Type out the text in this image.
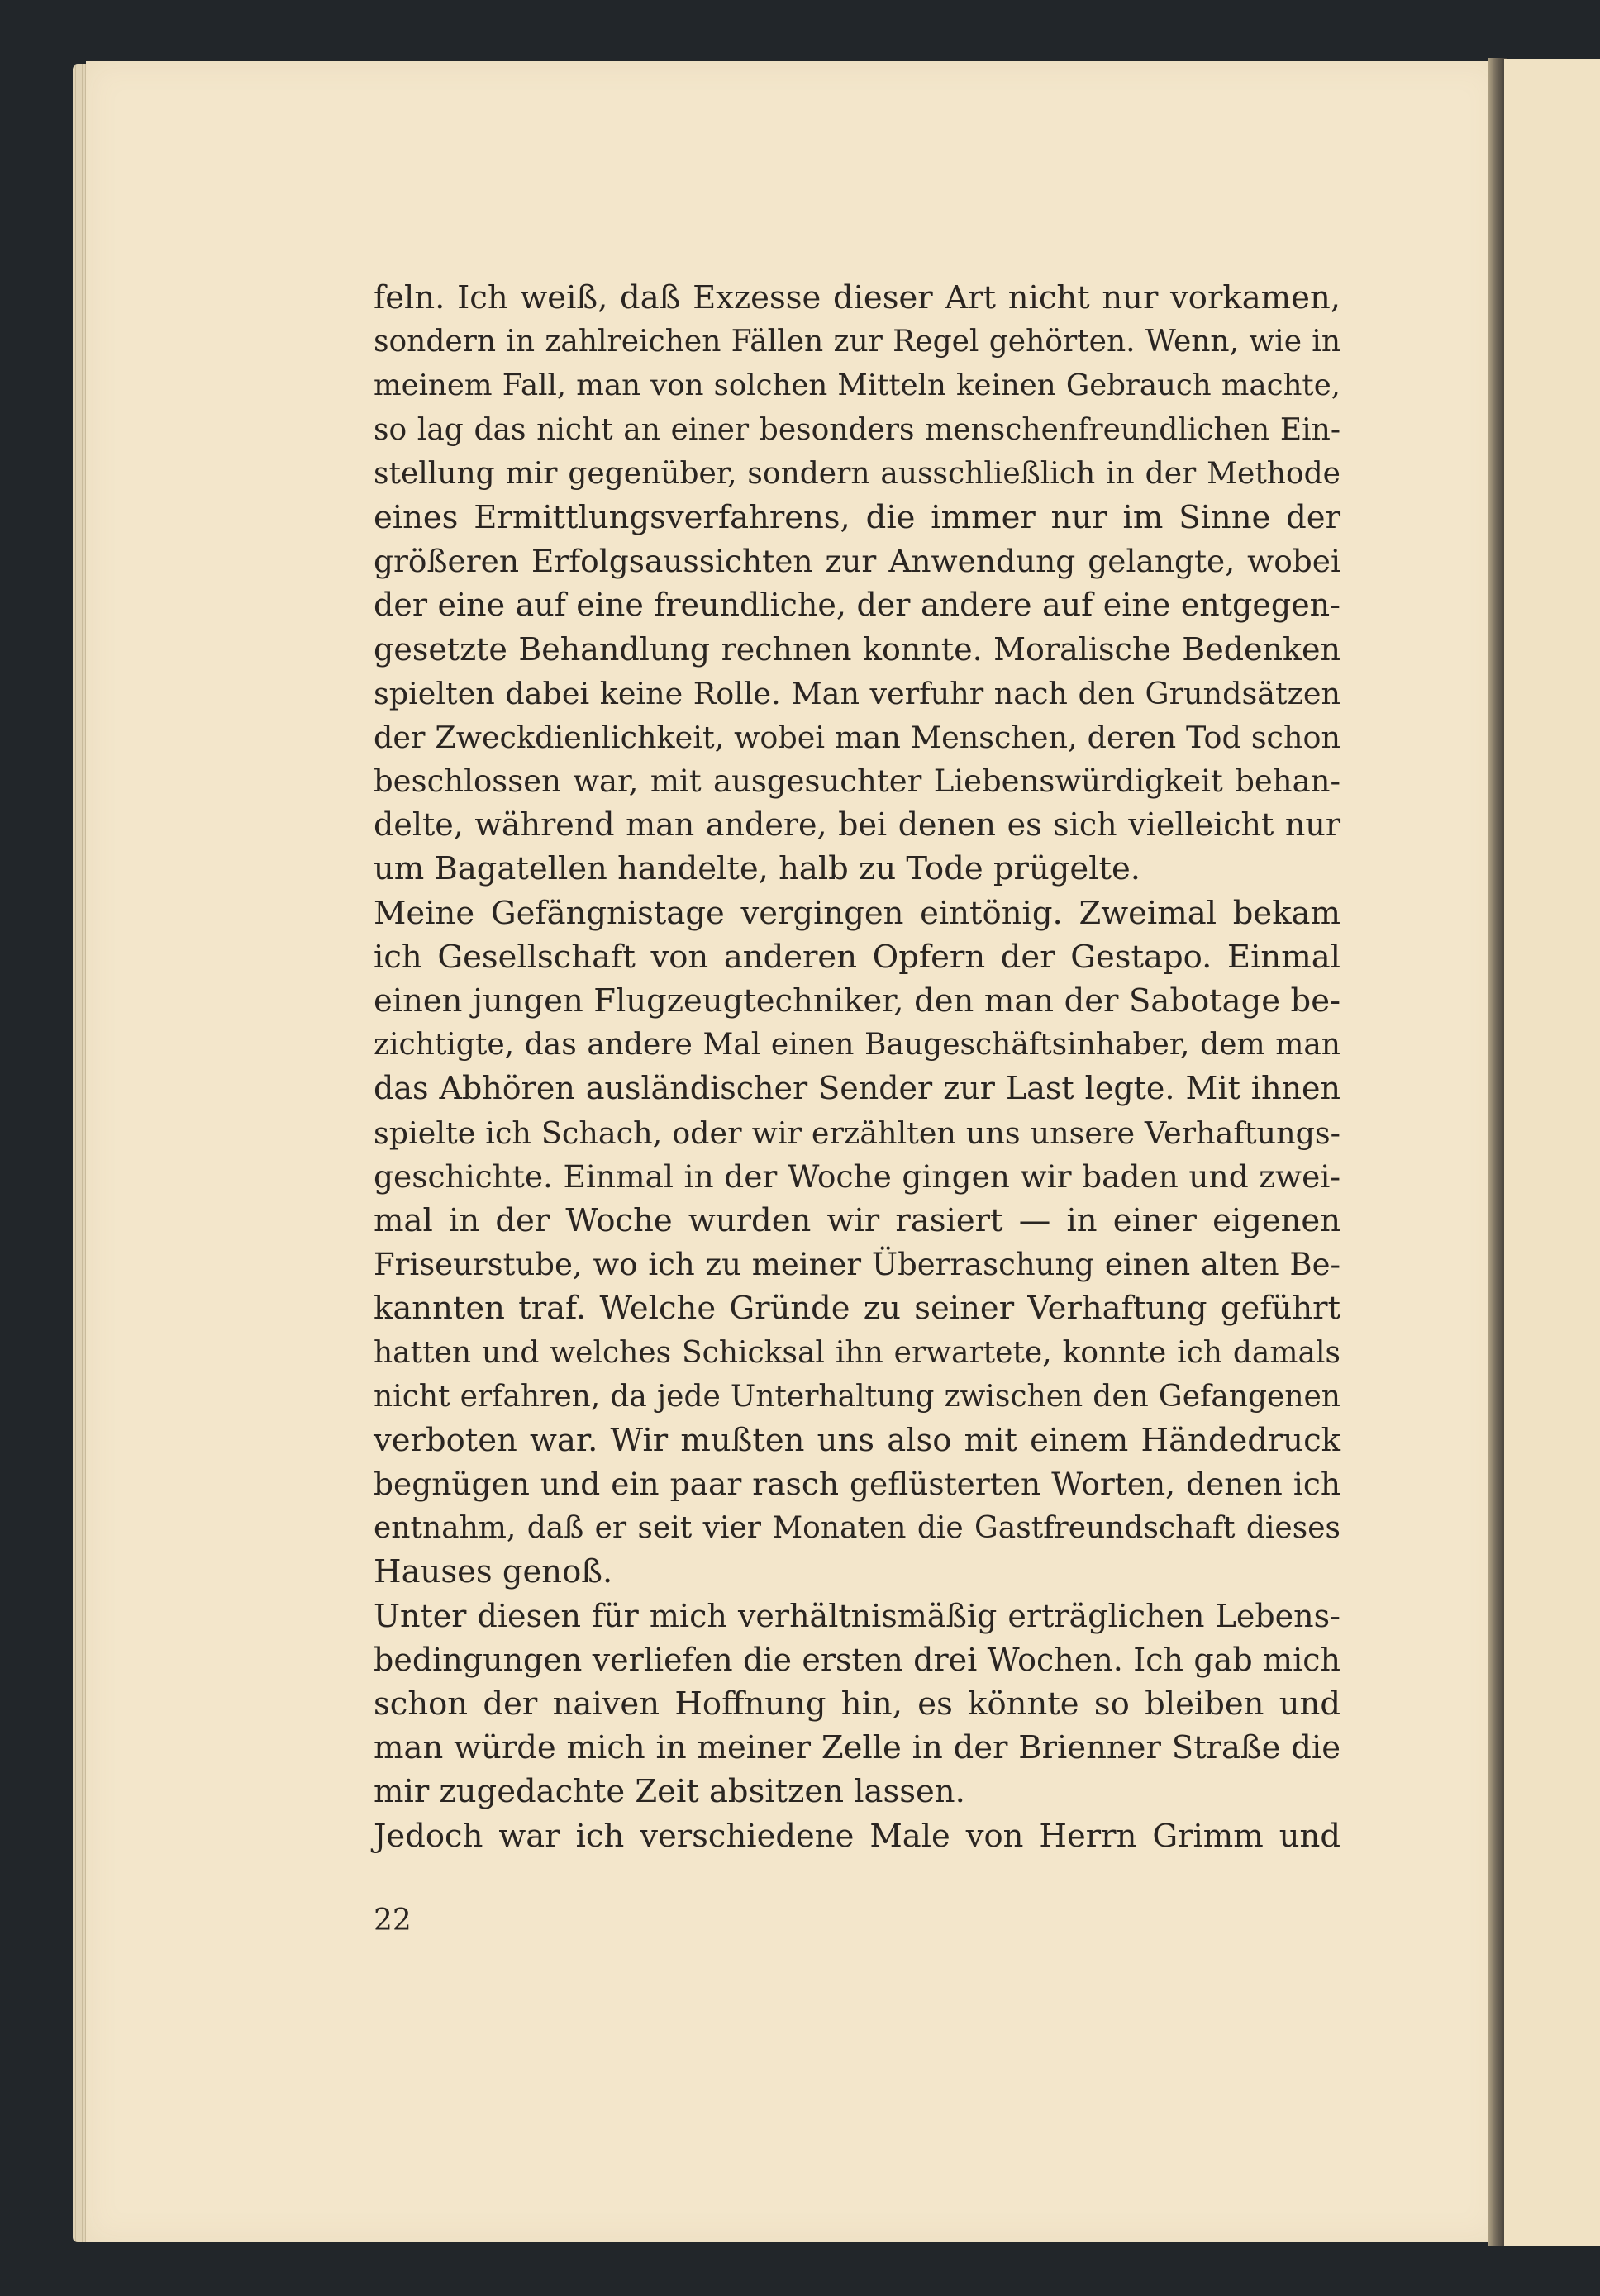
feln. Ich weiß, daß Exzesse dieser Art nicht nur vorkamen,
sondern in zahlreichen Fällen zur Regel gehörten. Wenn, wie in
meinem Fall, man von solchen Mitteln keinen Gebrauch machte,
so lag das nicht an einer besonders menschenfreundlichen Ein-
stellung mir gegenüber, sondern ausschließlich in der Methode
eines Ermittlungsverfahrens, die immer nur im Sinne der
größeren Erfolgsaussichten zur Anwendung gelangte, wobei
der eine auf eine freundliche, der andere auf eine entgegen-
gesetzte Behandlung rechnen konnte. Moralische Bedenken
spielten dabei keine Rolle. Man verfuhr nach den Grundsätzen
der Zweckdienlichkeit, wobei man Menschen, deren Tod schon
beschlossen war, mit ausgesuchter Liebenswürdigkeit behan-
delte, während man andere, bei denen es sich vielleicht nur
um Bagatellen handelte, halb zu Tode prügelte.
Meine Gefängnistage vergingen eintönig. Zweimal bekam
ich Gesellschaft von anderen Opfern der Gestapo. Einmal
einen jungen Flugzeugtechniker, den man der Sabotage be-
zichtigte, das andere Mal einen Baugeschäftsinhaber, dem man
das Abhören ausländischer Sender zur Last legte. Mit ihnen
spielte ich Schach, oder wir erzählten uns unsere Verhaftungs-
geschichte. Einmal in der Woche gingen wir baden und zwei-
mal in der Woche wurden wir rasiert — in einer eigenen
Friseurstube, wo ich zu meiner Überraschung einen alten Be-
kannten traf. Welche Gründe zu seiner Verhaftung geführt
hatten und welches Schicksal ihn erwartete, konnte ich damals
nicht erfahren, da jede Unterhaltung zwischen den Gefangenen
verboten war. Wir mußten uns also mit einem Händedruck
begnügen und ein paar rasch geflüsterten Worten, denen ich
entnahm, daß er seit vier Monaten die Gastfreundschaft dieses
Hauses genoß.
Unter diesen für mich verhältnismäßig erträglichen Lebens-
bedingungen verliefen die ersten drei Wochen. Ich gab mich
schon der naiven Hoffnung hin, es könnte so bleiben und
man würde mich in meiner Zelle in der Brienner Straße die
mir zugedachte Zeit absitzen lassen.
Jedoch war ich verschiedene Male von Herrn Grimm und
22
